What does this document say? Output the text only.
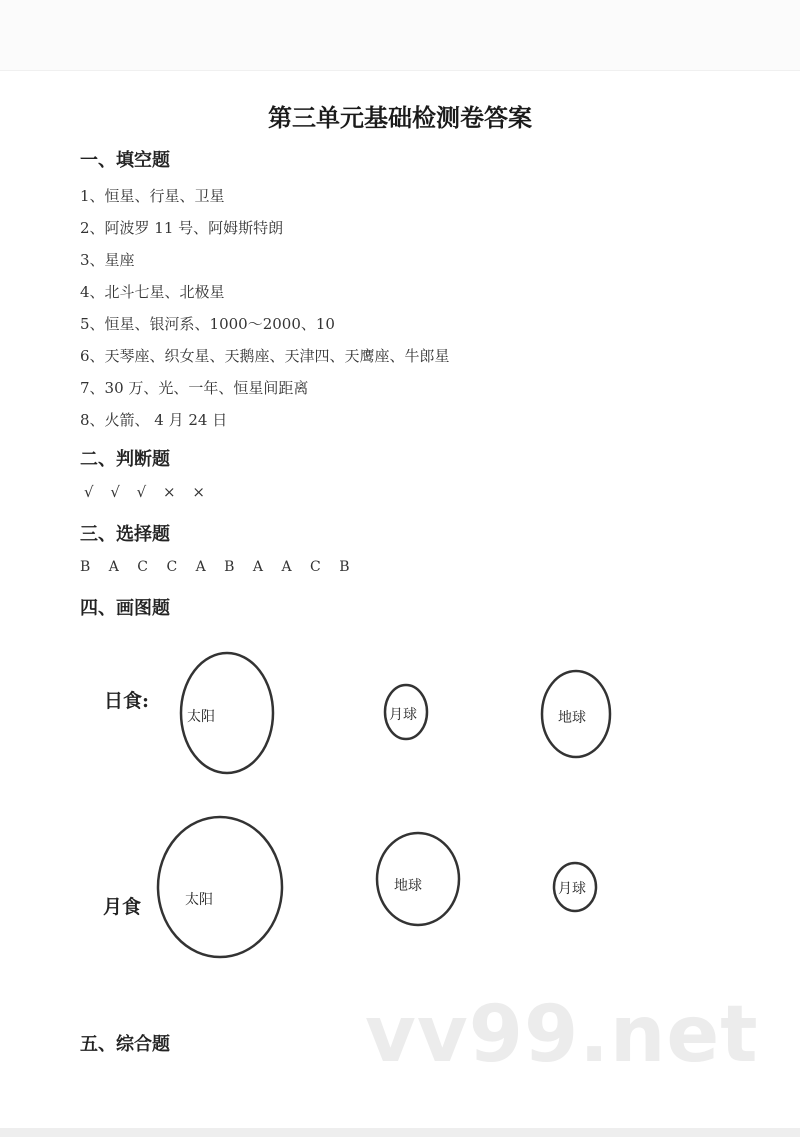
第三单元基础检测卷答案
一、填空题
1、恒星、行星、卫星
2、阿波罗 11 号、阿姆斯特朗
3、星座
4、北斗七星、北极星
5、恒星、银河系、1000～2000、10
6、天琴座、织女星、天鹅座、天津四、天鹰座、牛郎星
7、30 万、光、一年、恒星间距离
8、火箭、 4 月 24 日
二、判断题
√ √ √ × ×
三、选择题
B A C C A B A A C B
四、画图题
日食:
太阳	月球	地球
月食	太阳
地球	月球
vv99.net
五、综合题
